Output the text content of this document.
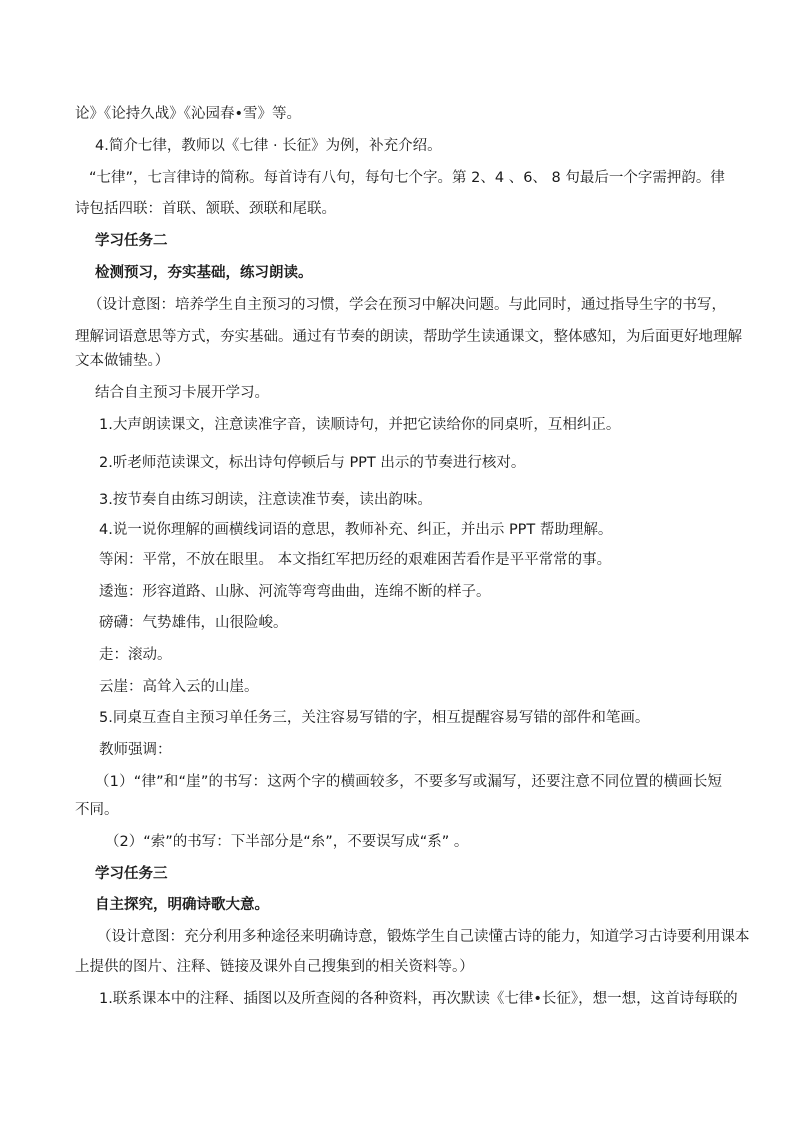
论》《论持久战》《沁园春•雪》等。

4.简介七律，教师以《七律 · 长征》为例，补充介绍。

“七律”，七言律诗的简称。每首诗有八句，每句七个字。第 2、4 、6、 8 句最后一个字需押韵。律

诗包括四联：首联、颔联、颈联和尾联。

学习任务二

检测预习，夯实基础，练习朗读。

（设计意图：培养学生自主预习的习惯，学会在预习中解决问题。与此同时，通过指导生字的书写，

理解词语意思等方式，夯实基础。通过有节奏的朗读，帮助学生读通课文，整体感知，为后面更好地理解

文本做铺垫。）

结合自主预习卡展开学习。

1.大声朗读课文，注意读准字音，读顺诗句，并把它读给你的同桌听，互相纠正。

2.听老师范读课文，标出诗句停顿后与 PPT 出示的节奏进行核对。

3.按节奏自由练习朗读，注意读准节奏，读出韵味。

4.说一说你理解的画横线词语的意思，教师补充、纠正，并出示 PPT 帮助理解。

等闲：平常，不放在眼里。 本文指红军把历经的艰难困苦看作是平平常常的事。

逶迤：形容道路、山脉、河流等弯弯曲曲，连绵不断的样子。

磅礴：气势雄伟，山很险峻。

走：滚动。

云崖：高耸入云的山崖。

5.同桌互查自主预习单任务三，关注容易写错的字，相互提醒容易写错的部件和笔画。

教师强调：

（1）“律”和“崖”的书写：这两个字的横画较多，不要多写或漏写，还要注意不同位置的横画长短

不同。

（2）“索”的书写：下半部分是“糸”，不要误写成“系” 。

学习任务三

自主探究，明确诗歌大意。

（设计意图：充分利用多种途径来明确诗意，锻炼学生自己读懂古诗的能力，知道学习古诗要利用课本

上提供的图片、注释、链接及课外自己搜集到的相关资料等。）

1.联系课本中的注释、插图以及所查阅的各种资料，再次默读《七律•长征》，想一想，这首诗每联的
